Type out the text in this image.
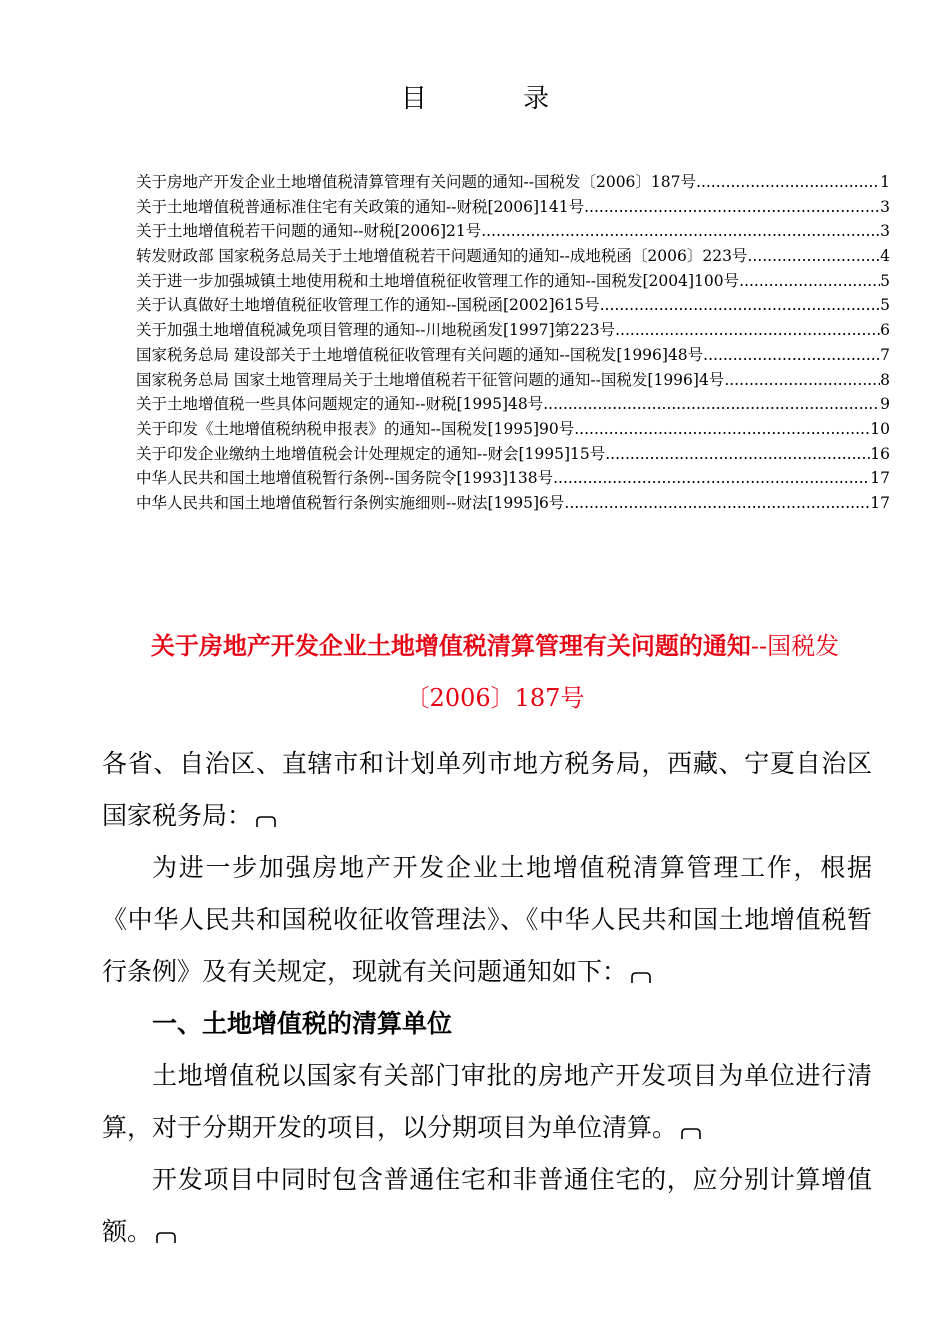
目 录
关于房地产开发企业土地增值税清算管理有关问题的通知--国税发〔2006〕187号 .....	1
关于土地增值税普通标准住宅有关政策的通知--财税[2006]141号 .....	3
关于土地增值税若干问题的通知--财税[2006]21号 .....	3
转发财政部 国家税务总局关于土地增值税若干问题通知的通知--成地税函〔2006〕223号 .....	4
关于进一步加强城镇土地使用税和土地增值税征收管理工作的通知--国税发[2004]100号 .....	5
关于认真做好土地增值税征收管理工作的通知--国税函[2002]615号 .....	5
关于加强土地增值税减免项目管理的通知--川地税函发[1997]第223号 .....	6
国家税务总局 建设部关于土地增值税征收管理有关问题的通知--国税发[1996]48号 .....	7
国家税务总局 国家土地管理局关于土地增值税若干征管问题的通知--国税发[1996]4号 .....	8
关于土地增值税一些具体问题规定的通知--财税[1995]48号 .....	9
关于印发《土地增值税纳税申报表》的通知--国税发[1995]90号 .....	10
关于印发企业缴纳土地增值税会计处理规定的通知--财会[1995]15号 .....	16
中华人民共和国土地增值税暂行条例--国务院令[1993]138号 .....	17
中华人民共和国土地增值税暂行条例实施细则--财法[1995]6号 .....	17
关于房地产开发企业土地增值税清算管理有关问题的通知--国税发
〔2006〕187号

各省、自治区、直辖市和计划单列市地方税务局，西藏、宁夏自治区国家税务局：

为进一步加强房地产开发企业土地增值税清算管理工作，根据《中华人民共和国税收征收管理法》、《中华人民共和国土地增值税暂行条例》及有关规定，现就有关问题通知如下：

一、土地增值税的清算单位

土地增值税以国家有关部门审批的房地产开发项目为单位进行清算，对于分期开发的项目，以分期项目为单位清算。

开发项目中同时包含普通住宅和非普通住宅的，应分别计算增值额。
